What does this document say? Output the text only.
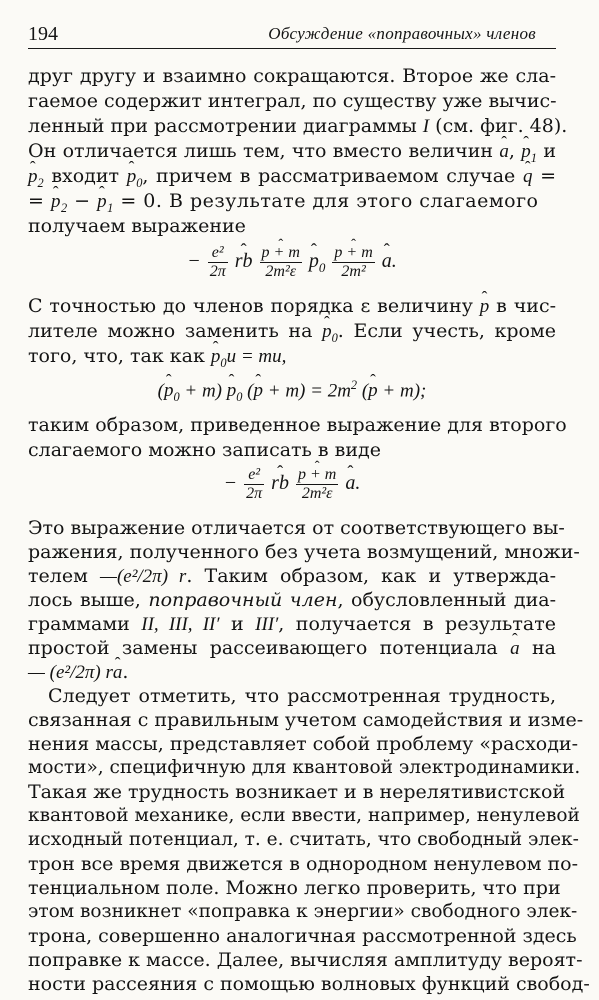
194	Обсуждение «поправочных» членов
друг другу и взаимно сокращаются. Второе же сла-
гаемое содержит интеграл, по существу уже вычис-
ленный при рассмотрении диаграммы I (см. фиг. 48).
Он отличается лишь тем, что вместо величин ˆ a, ˆ $p_1$ и
ˆ $p_2$ входит ˆ $p_0$, причем в рассматриваемом случае ˆ q =
= ˆ $p_2$ − ˆ $p_1 = 0$. В результате для этого слагаемого
получаем выражение
− $\frac{\text{e²}}{2\pi}$ ˆ rb ˆ $\frac{p + m}{\text{2m²ε}}$ ˆ $p_0$ ˆ $\frac{p + m}{\text{2m²}}$ ˆ a.
С точностью до членов порядка ε величину ˆ p в чис-
лителе можно заменить на ˆ $p_0$. Если учесть, кроме
того, что, так как ˆ $p_0u$ = mu,
(ˆ $p_0 + m$) ˆ $p_0$ (ˆ $p + m) = 2m^2$ (ˆ p + m);
таким образом, приведенное выражение для второго
слагаемого можно записать в виде
− $\frac{\text{e²}}{2\pi}$ ˆ rb ˆ $\frac{p + m}{\text{2m²ε}}$ ˆ a.
Это выражение отличается от соответствующего вы-
ражения, полученного без учета возмущений, множи-
телем —(e²/2π) r. Таким образом, как и утвержда-
лось выше, поправочный член, обусловленный диа-
граммами II, III, II′ и III′, получается в результате
простой замены рассеивающего потенциала ˆ a на
— (e²/2π) rˆ a.
Следует отметить, что рассмотренная трудность,
связанная с правильным учетом самодействия и изме-
нения массы, представляет собой проблему «расходи-
мости», специфичную для квантовой электродинамики.
Такая же трудность возникает и в нерелятивистской
квантовой механике, если ввести, например, ненулевой
исходный потенциал, т. е. считать, что свободный элек-
трон все время движется в однородном ненулевом по-
тенциальном поле. Можно легко проверить, что при
этом возникнет «поправка к энергии» свободного элек-
трона, совершенно аналогичная рассмотренной здесь
поправке к массе. Далее, вычисляя амплитуду вероят-
ности рассеяния с помощью волновых функций свобод-
